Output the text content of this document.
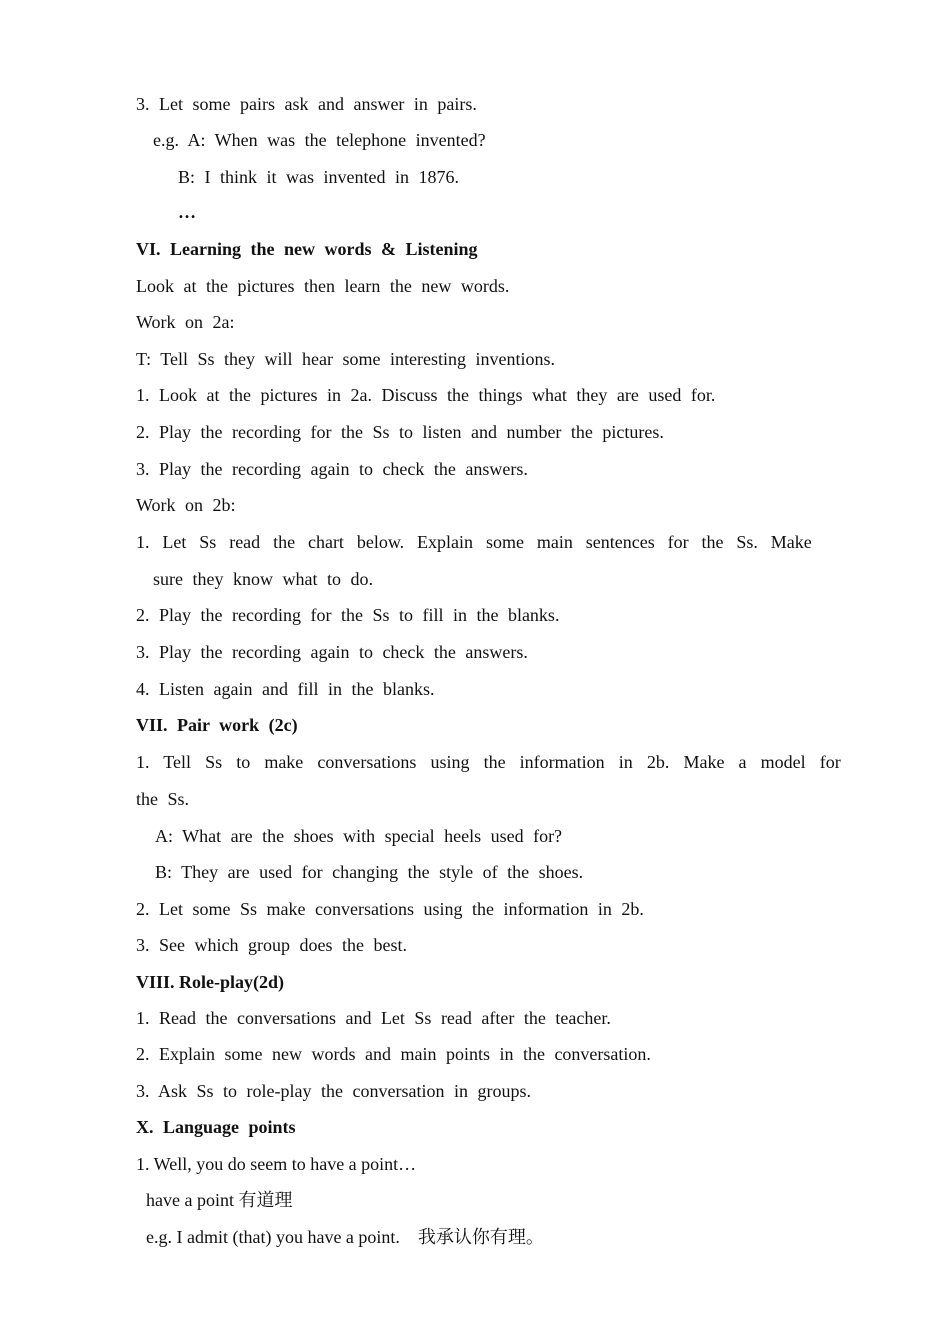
3. Let some pairs ask and answer in pairs.
e.g. A: When was the telephone invented?
B: I think it was invented in 1876.
…
VI. Learning the new words & Listening
Look at the pictures then learn the new words.
Work on 2a:
T: Tell Ss they will hear some interesting inventions.
1. Look at the pictures in 2a. Discuss the things what they are used for.
2. Play the recording for the Ss to listen and number the pictures.
3. Play the recording again to check the answers.
Work on 2b:
1. Let Ss read the chart below. Explain some main sentences for the Ss. Make
sure they know what to do.
2. Play the recording for the Ss to fill in the blanks.
3. Play the recording again to check the answers.
4. Listen again and fill in the blanks.
VII. Pair work (2c)
1. Tell Ss to make conversations using the information in 2b. Make a model for
the Ss.
A: What are the shoes with special heels used for?
B: They are used for changing the style of the shoes.
2. Let some Ss make conversations using the information in 2b.
3. See which group does the best.
VIII. Role-play(2d)
1. Read the conversations and Let Ss read after the teacher.
2. Explain some new words and main points in the conversation.
3. Ask Ss to role-play the conversation in groups.
X. Language points
1. Well, you do seem to have a point…
have a point 有道理
e.g. I admit (that) you have a point.　我承认你有理。
